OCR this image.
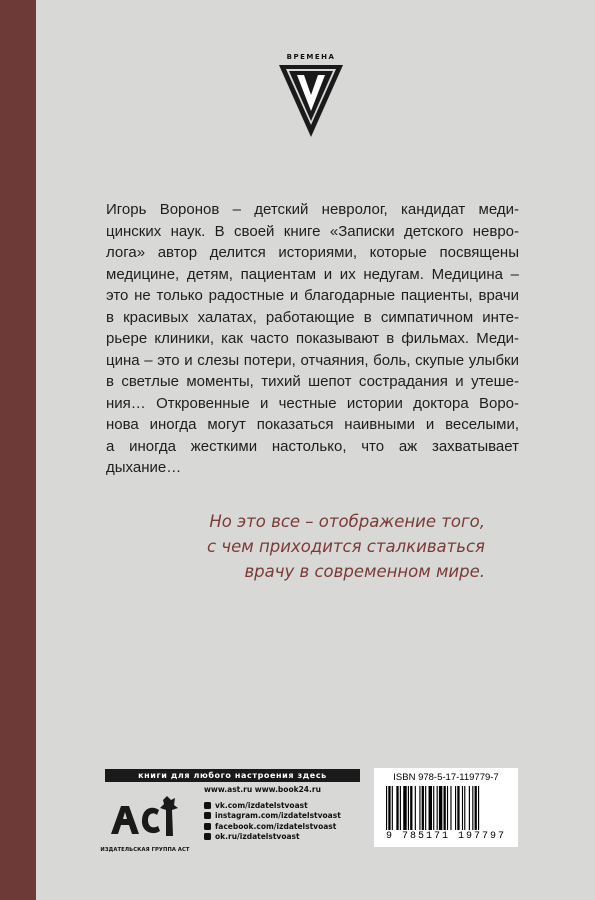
ВРЕМЕНА
Игорь Воронов – детский невролог, кандидат меди-
цинских наук. В своей книге «Записки детского невро-
лога» автор делится историями, которые посвящены
медицине, детям, пациентам и их недугам. Медицина –
это не только радостные и благодарные пациенты, врачи
в красивых халатах, работающие в симпатичном инте-
рьере клиники, как часто показывают в фильмах. Меди-
цина – это и слезы потери, отчаяния, боль, скупые улыбки
в светлые моменты, тихий шепот сострадания и утеше-
ния… Откровенные и честные истории доктора Воро-
нова иногда могут показаться наивными и веселыми,
а иногда жесткими настолько, что аж захватывает
дыхание…
Но это все – отображение того,
с чем приходится сталкиваться
врачу в современном мире.
книги для любого настроения здесь
ИЗДАТЕЛЬСКАЯ ГРУППА АСТ
www.ast.ru www.book24.ru
vk.com/izdatelstvoast
instagram.com/izdatelstvoast
facebook.com/izdatelstvoast
ok.ru/izdatelstvoast
ISBN 978-5-17-119779-7
9 785171 197797
